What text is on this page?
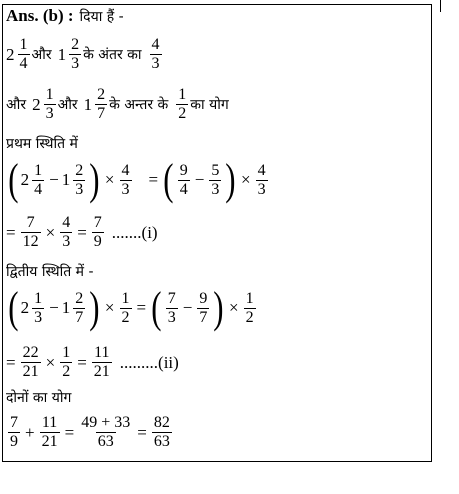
Ans. (b) : दिया हैं -
$2 \frac{1}{4}$ और $1 \frac{2}{3}$ के अंतर का $\frac{4}{3}$
और $2 \frac{1}{3}$ और $1 \frac{2}{7}$ के अन्तर के $\frac{1}{2}$ का योग
प्रथम स्थिति में
( $2 \frac{1}{4} - 1 \frac{2}{3}$ ) × $\frac{4}{3}$ = ( $\frac{9}{4} - \frac{5}{3}$ ) × $\frac{4}{3}$
= $\frac{7}{12} \times \frac{4}{3} = \frac{7}{9} .......(i)$
द्वितीय स्थिति में -
( $2 \frac{1}{3} - 1 \frac{2}{7}$ ) × $\frac{1}{2}$ = ( $\frac{7}{3} - \frac{9}{7}$ ) × $\frac{1}{2}$
= $\frac{22}{21} \times \frac{1}{2} = \frac{11}{21} .........(ii)$
दोनों का योग
$\frac{7}{9} + \frac{11}{21} = \frac{49 + 33}{63} = \frac{82}{63}$
